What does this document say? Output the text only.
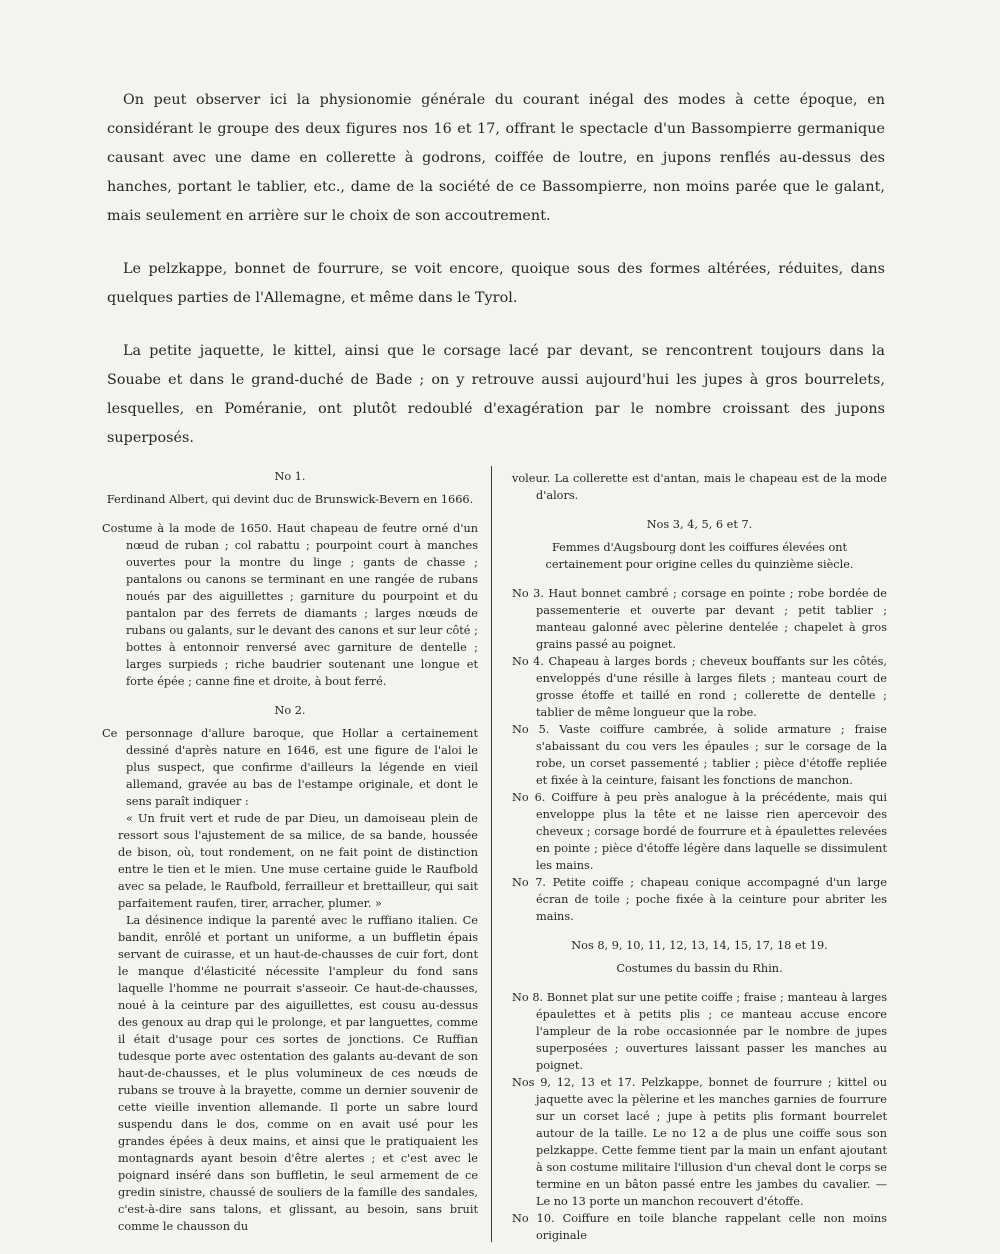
On peut observer ici la physionomie générale du courant inégal des modes à cette époque, en considérant le groupe des deux figures nos 16 et 17, offrant le spectacle d'un Bassompierre germanique causant avec une dame en collerette à godrons, coiffée de loutre, en jupons renflés au-dessus des hanches, portant le tablier, etc., dame de la société de ce Bassompierre, non moins parée que le galant, mais seulement en arrière sur le choix de son accoutrement.

Le pelzkappe, bonnet de fourrure, se voit encore, quoique sous des formes altérées, réduites, dans quelques parties de l'Allemagne, et même dans le Tyrol.

La petite jaquette, le kittel, ainsi que le corsage lacé par devant, se rencontrent toujours dans la Souabe et dans le grand-duché de Bade ; on y retrouve aussi aujourd'hui les jupes à gros bourrelets, lesquelles, en Poméranie, ont plutôt redoublé d'exagération par le nombre croissant des jupons superposés.

No 1.
Ferdinand Albert, qui devint duc de Brunswick-Bevern en 1666.

Costume à la mode de 1650. Haut chapeau de feutre orné d'un nœud de ruban ; col rabattu ; pourpoint court à manches ouvertes pour la montre du linge ; gants de chasse ; pantalons ou canons se terminant en une rangée de rubans noués par des aiguillettes ; garniture du pourpoint et du pantalon par des ferrets de diamants ; larges nœuds de rubans ou galants, sur le devant des canons et sur leur côté ; bottes à entonnoir renversé avec garniture de dentelle ; larges surpieds ; riche baudrier soutenant une longue et forte épée ; canne fine et droite, à bout ferré.

No 2.

Ce personnage d'allure baroque, que Hollar a certainement dessiné d'après nature en 1646, est une figure de l'aloi le plus suspect, que confirme d'ailleurs la légende en vieil allemand, gravée au bas de l'estampe originale, et dont le sens paraît indiquer :

« Un fruit vert et rude de par Dieu, un damoiseau plein de ressort sous l'ajustement de sa milice, de sa bande, houssée de bison, où, tout rondement, on ne fait point de distinction entre le tien et le mien. Une muse certaine guide le Raufbold avec sa pelade, le Raufbold, ferrailleur et brettailleur, qui sait parfaitement raufen, tirer, arracher, plumer. »

La désinence indique la parenté avec le ruffiano italien. Ce bandit, enrôlé et portant un uniforme, a un buffletin épais servant de cuirasse, et un haut-de-chausses de cuir fort, dont le manque d'élasticité nécessite l'ampleur du fond sans laquelle l'homme ne pourrait s'asseoir. Ce haut-de-chausses, noué à la ceinture par des aiguillettes, est cousu au-dessus des genoux au drap qui le prolonge, et par languettes, comme il était d'usage pour ces sortes de jonctions. Ce Ruffian tudesque porte avec ostentation des galants au-devant de son haut-de-chausses, et le plus volumineux de ces nœuds de rubans se trouve à la brayette, comme un dernier souvenir de cette vieille invention allemande. Il porte un sabre lourd suspendu dans le dos, comme on en avait usé pour les grandes épées à deux mains, et ainsi que le pratiquaient les montagnards ayant besoin d'être alertes ; et c'est avec le poignard inséré dans son buffletin, le seul armement de ce gredin sinistre, chaussé de souliers de la famille des sandales, c'est-à-dire sans talons, et glissant, au besoin, sans bruit comme le chausson du

voleur. La collerette est d'antan, mais le chapeau est de la mode d'alors.

Nos 3, 4, 5, 6 et 7.
Femmes d'Augsbourg dont les coiffures élevées ont certainement pour origine celles du quinzième siècle.

No 3. Haut bonnet cambré ; corsage en pointe ; robe bordée de passementerie et ouverte par devant ; petit tablier ; manteau galonné avec pèlerine dentelée ; chapelet à gros grains passé au poignet.

No 4. Chapeau à larges bords ; cheveux bouffants sur les côtés, enveloppés d'une résille à larges filets ; manteau court de grosse étoffe et taillé en rond ; collerette de dentelle ; tablier de même longueur que la robe.

No 5. Vaste coiffure cambrée, à solide armature ; fraise s'abaissant du cou vers les épaules ; sur le corsage de la robe, un corset passementé ; tablier ; pièce d'étoffe repliée et fixée à la ceinture, faisant les fonctions de manchon.

No 6. Coiffure à peu près analogue à la précédente, mais qui enveloppe plus la tête et ne laisse rien apercevoir des cheveux ; corsage bordé de fourrure et à épaulettes relevées en pointe ; pièce d'étoffe légère dans laquelle se dissimulent les mains.

No 7. Petite coiffe ; chapeau conique accompagné d'un large écran de toile ; poche fixée à la ceinture pour abriter les mains.

Nos 8, 9, 10, 11, 12, 13, 14, 15, 17, 18 et 19.
Costumes du bassin du Rhin.

No 8. Bonnet plat sur une petite coiffe ; fraise ; manteau à larges épaulettes et à petits plis ; ce manteau accuse encore l'ampleur de la robe occasionnée par le nombre de jupes superposées ; ouvertures laissant passer les manches au poignet.

Nos 9, 12, 13 et 17. Pelzkappe, bonnet de fourrure ; kittel ou jaquette avec la pèlerine et les manches garnies de fourrure sur un corset lacé ; jupe à petits plis formant bourrelet autour de la taille. Le no 12 a de plus une coiffe sous son pelzkappe. Cette femme tient par la main un enfant ajoutant à son costume militaire l'illusion d'un cheval dont le corps se termine en un bâton passé entre les jambes du cavalier. — Le no 13 porte un manchon recouvert d'étoffe.

No 10. Coiffure en toile blanche rappelant celle non moins originale
